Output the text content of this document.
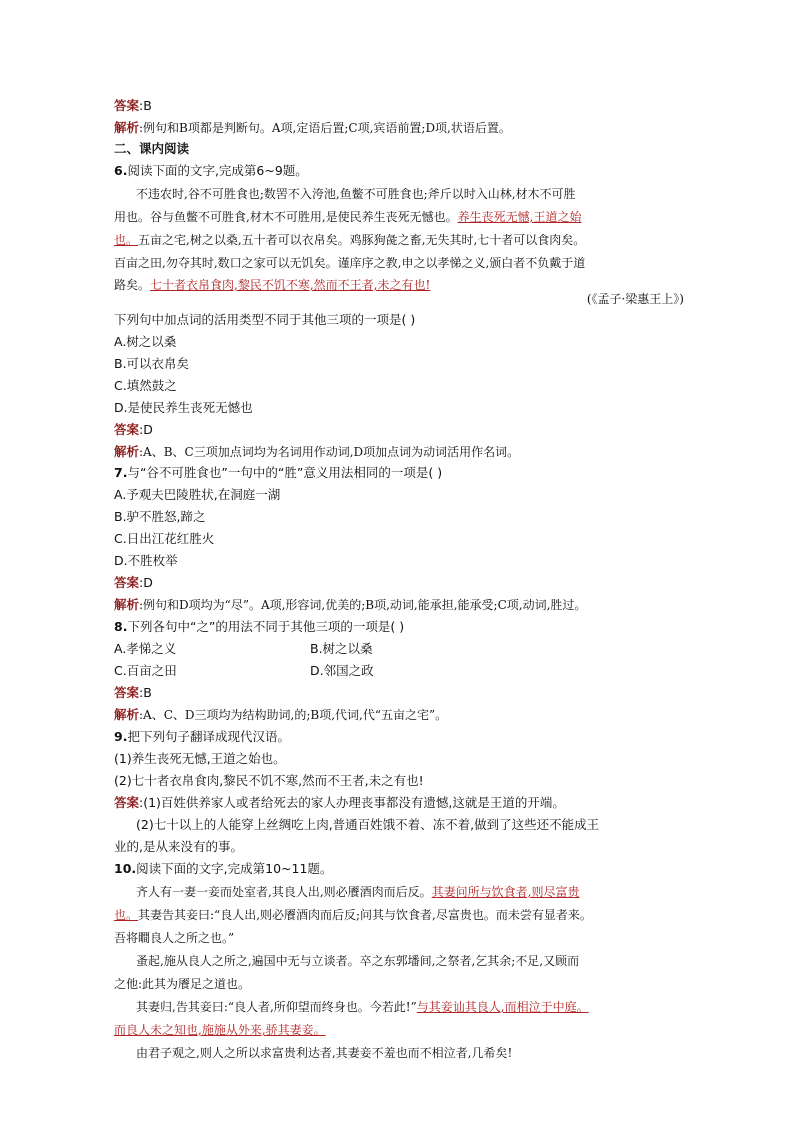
答案:B
解析:例句和B项都是判断句。A项,定语后置;C项,宾语前置;D项,状语后置。
二、课内阅读
6.阅读下面的文字,完成第6~9题。
不违农时,谷不可胜食也;数罟不入洿池,鱼鳖不可胜食也;斧斤以时入山林,材木不可胜
用也。谷与鱼鳖不可胜食,材木不可胜用,是使民养生丧死无憾也。养生丧死无憾,王道之始
也。五亩之宅,树之以桑,五十者可以衣帛矣。鸡豚狗彘之畜,无失其时,七十者可以食肉矣。
百亩之田,勿夺其时,数口之家可以无饥矣。谨庠序之教,申之以孝悌之义,颁白者不负戴于道
路矣。七十者衣帛食肉,黎民不饥不寒,然而不王者,未之有也!
(《孟子·梁惠王上》)
下列句中加点词的活用类型不同于其他三项的一项是( )
A.树之以桑
B.可以衣帛矣
C.填然鼓之
D.是使民养生丧死无憾也
答案:D
解析:A、B、C三项加点词均为名词用作动词,D项加点词为动词活用作名词。
7.与“谷不可胜食也”一句中的“胜”意义用法相同的一项是( )
A.予观夫巴陵胜状,在洞庭一湖
B.驴不胜怒,蹄之
C.日出江花红胜火
D.不胜枚举
答案:D
解析:例句和D项均为“尽”。A项,形容词,优美的;B项,动词,能承担,能承受;C项,动词,胜过。
8.下列各句中“之”的用法不同于其他三项的一项是( )
A.孝悌之义	B.树之以桑
C.百亩之田	D.邻国之政
答案:B
解析:A、C、D三项均为结构助词,的;B项,代词,代“五亩之宅”。
9.把下列句子翻译成现代汉语。
(1)养生丧死无憾,王道之始也。
(2)七十者衣帛食肉,黎民不饥不寒,然而不王者,未之有也!
答案:(1)百姓供养家人或者给死去的家人办理丧事都没有遗憾,这就是王道的开端。
(2)七十以上的人能穿上丝绸吃上肉,普通百姓饿不着、冻不着,做到了这些还不能成王
业的,是从来没有的事。
10.阅读下面的文字,完成第10~11题。
齐人有一妻一妾而处室者,其良人出,则必餍酒肉而后反。其妻问所与饮食者,则尽富贵
也。其妻告其妾曰:“良人出,则必餍酒肉而后反;问其与饮食者,尽富贵也。而未尝有显者来。
吾将瞷良人之所之也。”
蚤起,施从良人之所之,遍国中无与立谈者。卒之东郭墦间,之祭者,乞其余;不足,又顾而
之他:此其为餍足之道也。
其妻归,告其妾曰:“良人者,所仰望而终身也。今若此!”与其妾讪其良人,而相泣于中庭。
而良人未之知也,施施从外来,骄其妻妾。
由君子观之,则人之所以求富贵利达者,其妻妾不羞也而不相泣者,几希矣!
